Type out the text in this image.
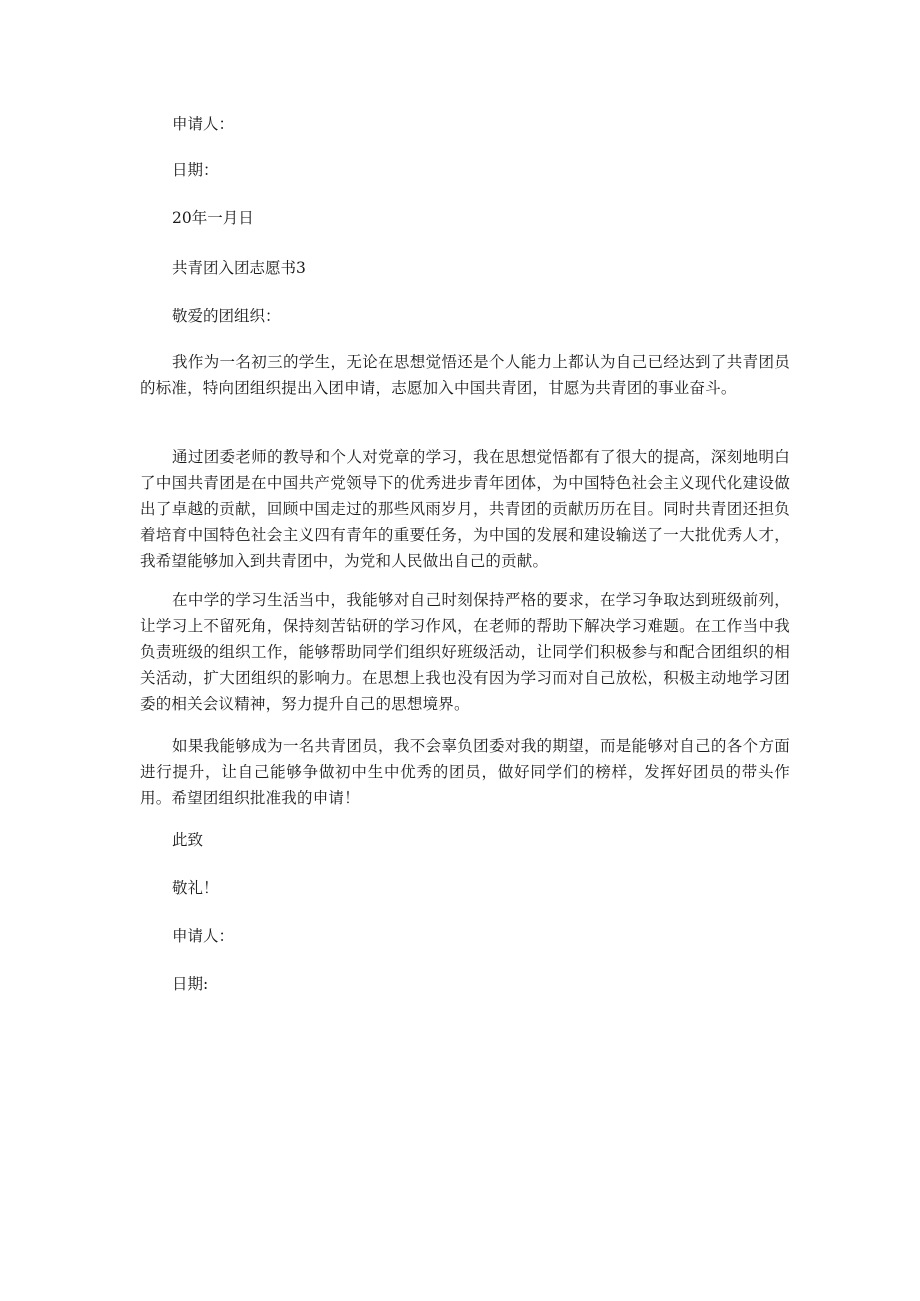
申请人：
日期：
20年一月日
共青团入团志愿书3
敬爱的团组织：
我作为一名初三的学生，无论在思想觉悟还是个人能力上都认为自己已经达到了共青团员的标准，特向团组织提出入团申请，志愿加入中国共青团，甘愿为共青团的事业奋斗。
通过团委老师的教导和个人对党章的学习，我在思想觉悟都有了很大的提高，深刻地明白了中国共青团是在中国共产党领导下的优秀进步青年团体，为中国特色社会主义现代化建设做出了卓越的贡献，回顾中国走过的那些风雨岁月，共青团的贡献历历在目。同时共青团还担负着培育中国特色社会主义四有青年的重要任务，为中国的发展和建设输送了一大批优秀人才，我希望能够加入到共青团中，为党和人民做出自己的贡献。
在中学的学习生活当中，我能够对自己时刻保持严格的要求，在学习争取达到班级前列，让学习上不留死角，保持刻苦钻研的学习作风，在老师的帮助下解决学习难题。在工作当中我负责班级的组织工作，能够帮助同学们组织好班级活动，让同学们积极参与和配合团组织的相关活动，扩大团组织的影响力。在思想上我也没有因为学习而对自己放松，积极主动地学习团委的相关会议精神，努力提升自己的思想境界。
如果我能够成为一名共青团员，我不会辜负团委对我的期望，而是能够对自己的各个方面进行提升，让自己能够争做初中生中优秀的团员，做好同学们的榜样，发挥好团员的带头作用。希望团组织批准我的申请！
此致
敬礼！
申请人：
日期:
